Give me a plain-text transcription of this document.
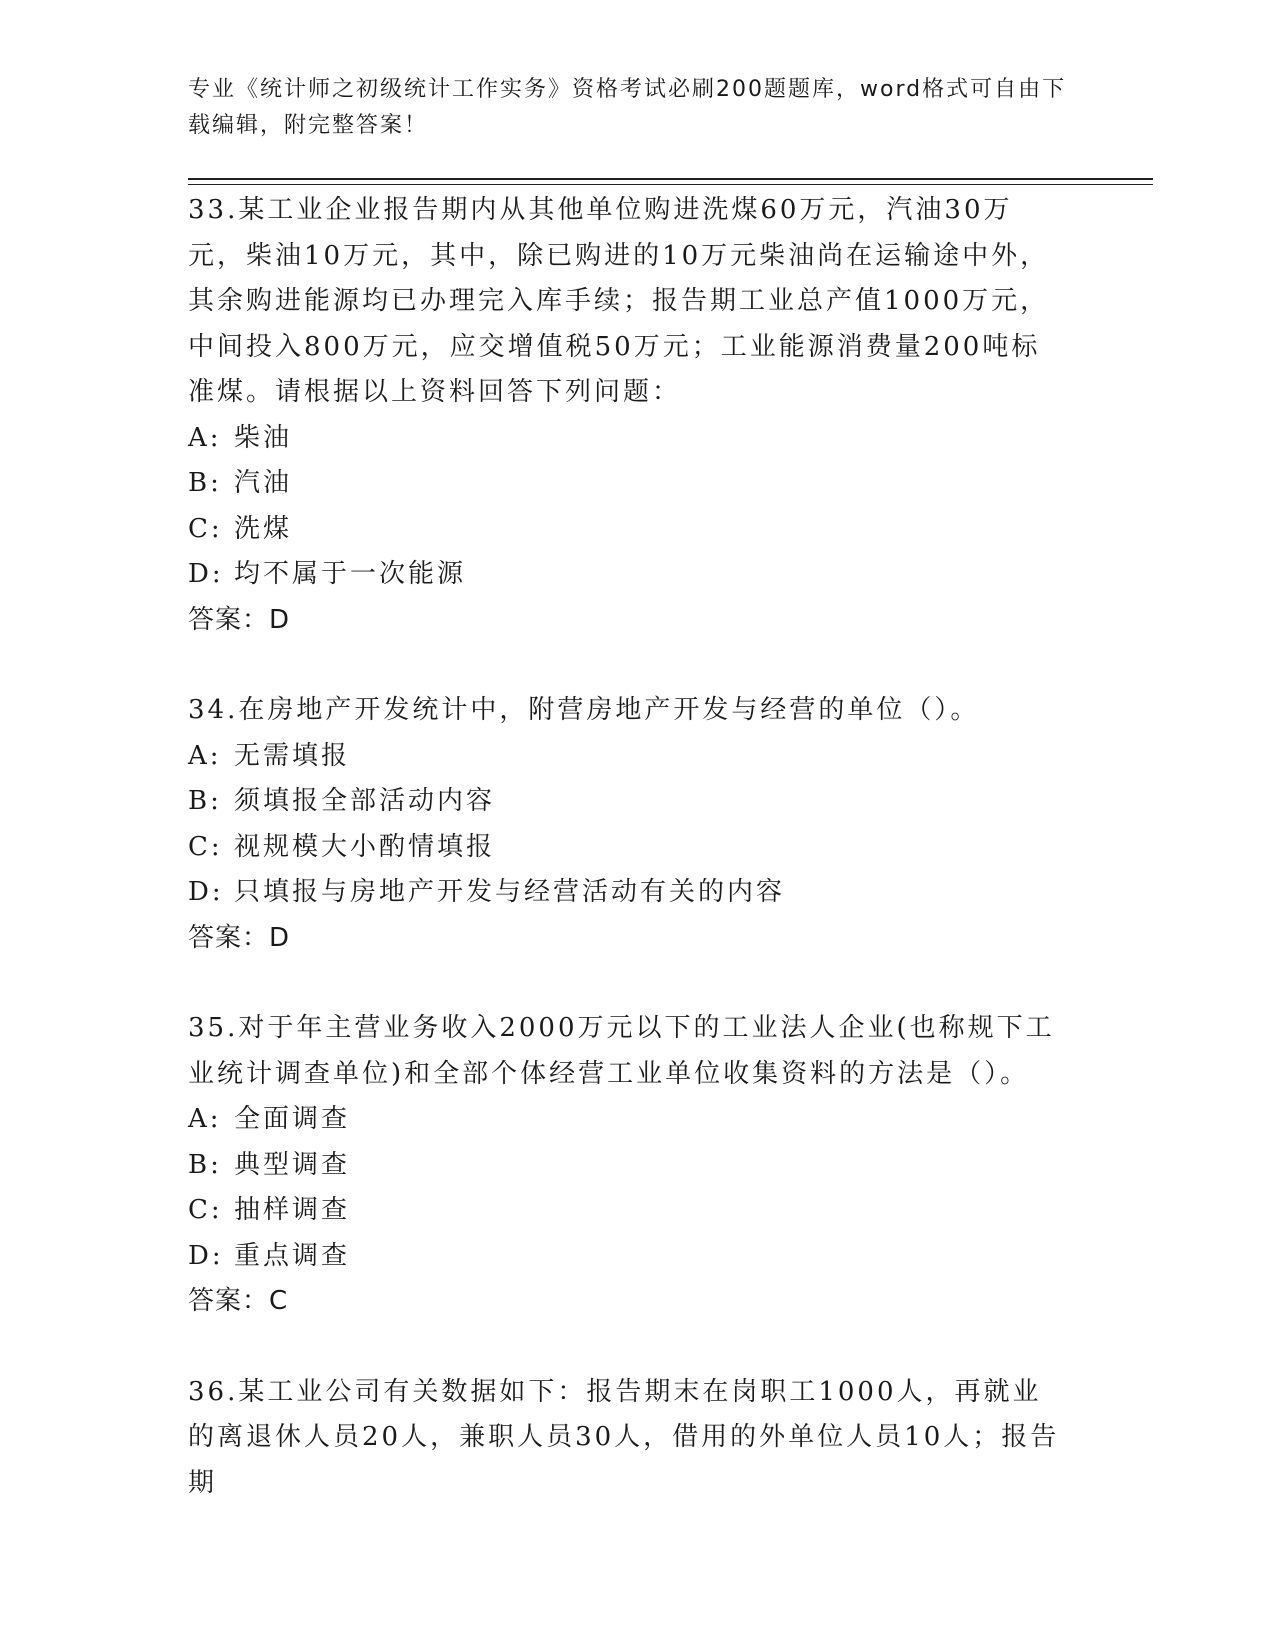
专业《统计师之初级统计工作实务》资格考试必刷200题题库，word格式可自由下载编辑，附完整答案！

33.某工业企业报告期内从其他单位购进洗煤60万元，汽油30万元，柴油10万元，其中，除已购进的10万元柴油尚在运输途中外，其余购进能源均已办理完入库手续；报告期工业总产值1000万元，中间投入800万元，应交增值税50万元；工业能源消费量200吨标准煤。请根据以上资料回答下列问题：

A: 柴油

B: 汽油

C: 洗煤

D: 均不属于一次能源

答案：D

34.在房地产开发统计中，附营房地产开发与经营的单位（）。

A: 无需填报

B: 须填报全部活动内容

C: 视规模大小酌情填报

D: 只填报与房地产开发与经营活动有关的内容

答案：D

35.对于年主营业务收入2000万元以下的工业法人企业(也称规下工业统计调查单位)和全部个体经营工业单位收集资料的方法是（）。

A: 全面调查

B: 典型调查

C: 抽样调查

D: 重点调查

答案：C

36.某工业公司有关数据如下：报告期末在岗职工1000人，再就业的离退休人员20人，兼职人员30人，借用的外单位人员10人；报告期
